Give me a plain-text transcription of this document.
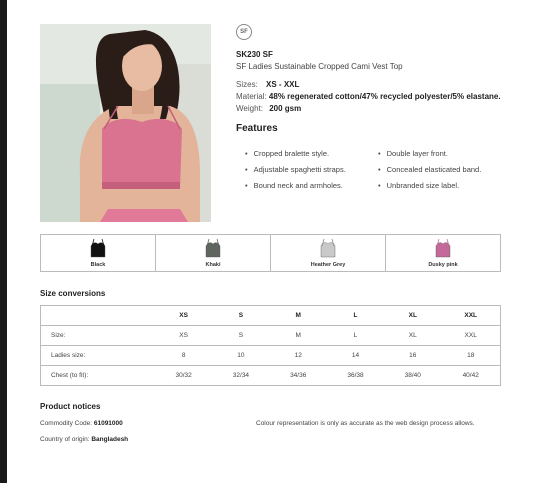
SF
SK230 SF
SF Ladies Sustainable Cropped Cami Vest Top
Sizes: XS - XXL
Material: 48% regenerated cotton/47% recycled polyester/5% elastane.
Weight: 200 gsm
Features
• Cropped bralette style.
• Adjustable spaghetti straps.
• Bound neck and armholes.
• Double layer front.
• Concealed elasticated band.
• Unbranded size label.
Black	Khaki	Heather Grey	Dusky pink
Size conversions
	XS	S	M	L	XL	XXL
Size:	XS	S	M	L	XL	XXL
Ladies size:	8	10	12	14	16	18
Chest (to fit):	30/32	32/34	34/36	36/38	38/40	40/42
Product notices
Commodity Code: 61091000
Country of origin: Bangladesh
Colour representation is only as accurate as the web design process allows.
